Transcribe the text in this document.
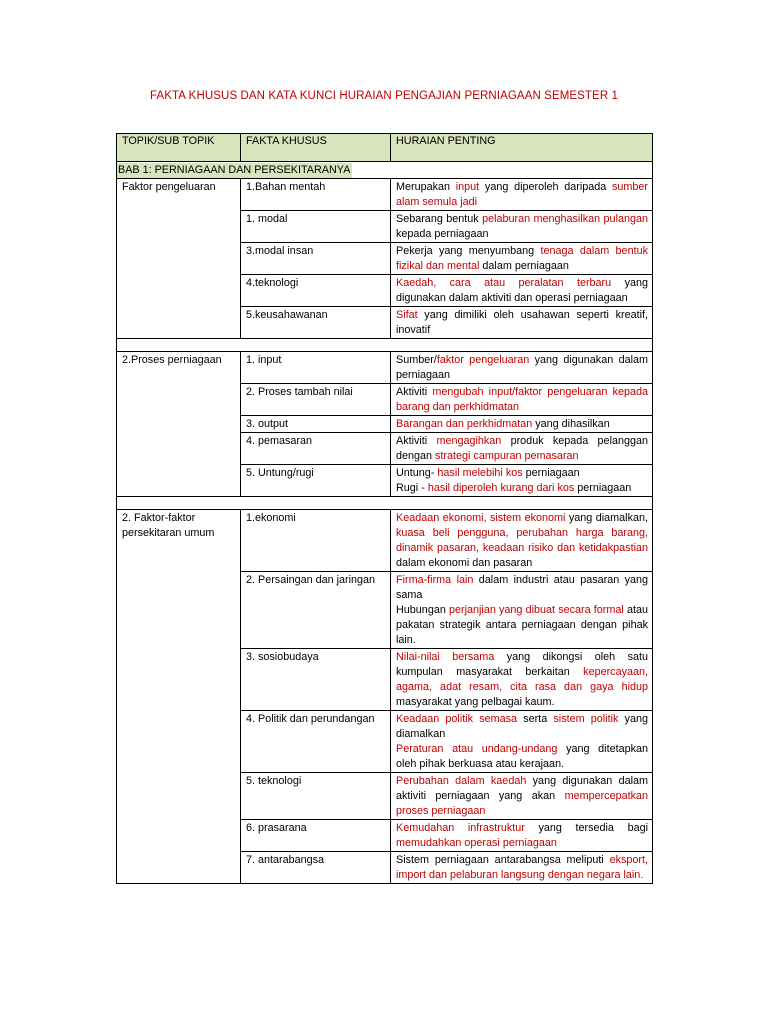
FAKTA KHUSUS DAN KATA KUNCI HURAIAN PENGAJIAN PERNIAGAAN SEMESTER 1
TOPIK/SUB TOPIK	FAKTA KHUSUS	HURAIAN PENTING
BAB 1: PERNIAGAAN DAN PERSEKITARANYA		
Faktor pengeluaran	1.Bahan mentah	Merupakan input yang diperoleh daripada sumber alam semula jadi
	1. modal	Sebarang bentuk pelaburan menghasilkan pulangan kepada perniagaan
	3.modal insan	Pekerja yang menyumbang tenaga dalam bentuk fizikal dan mental dalam perniagaan
	4.teknologi	Kaedah, cara atau peralatan terbaru yang digunakan dalam aktiviti dan operasi perniagaan
	5.keusahawanan	Sifat yang dimiliki oleh usahawan seperti kreatif, inovatif

2.Proses perniagaan	1. input	Sumber/faktor pengeluaran yang digunakan dalam perniagaan
	2. Proses tambah nilai	Aktiviti mengubah input/faktor pengeluaran kepada barang dan perkhidmatan
	3. output	Barangan dan perkhidmatan yang dihasilkan
	4. pemasaran	Aktiviti mengagihkan produk kepada pelanggan dengan strategi campuran pemasaran
	5. Untung/rugi	Untung- hasil melebihi kos perniagaan
Rugi - hasil diperoleh kurang dari kos perniagaan

2. Faktor-faktor persekitaran umum	1.ekonomi	Keadaan ekonomi, sistem ekonomi yang diamalkan, kuasa beli pengguna, perubahan harga barang, dinamik pasaran, keadaan risiko dan ketidakpastian dalam ekonomi dan pasaran
	2. Persaingan dan jaringan	Firma-firma lain dalam industri atau pasaran yang sama
Hubungan perjanjian yang dibuat secara formal atau pakatan strategik antara perniagaan dengan pihak lain.
	3. sosiobudaya	Nilai-nilai bersama yang dikongsi oleh satu kumpulan masyarakat berkaitan kepercayaan, agama, adat resam, cita rasa dan gaya hidup masyarakat yang pelbagai kaum.
	4. Politik dan perundangan	Keadaan politik semasa serta sistem politik yang diamalkan
Peraturan atau undang-undang yang ditetapkan oleh pihak berkuasa atau kerajaan.
	5. teknologi	Perubahan dalam kaedah yang digunakan dalam aktiviti perniagaan yang akan mempercepatkan proses perniagaan
	6. prasarana	Kemudahan infrastruktur yang tersedia bagi memudahkan operasi perniagaan
	7. antarabangsa	Sistem perniagaan antarabangsa meliputi eksport, import dan pelaburan langsung dengan negara lain.
